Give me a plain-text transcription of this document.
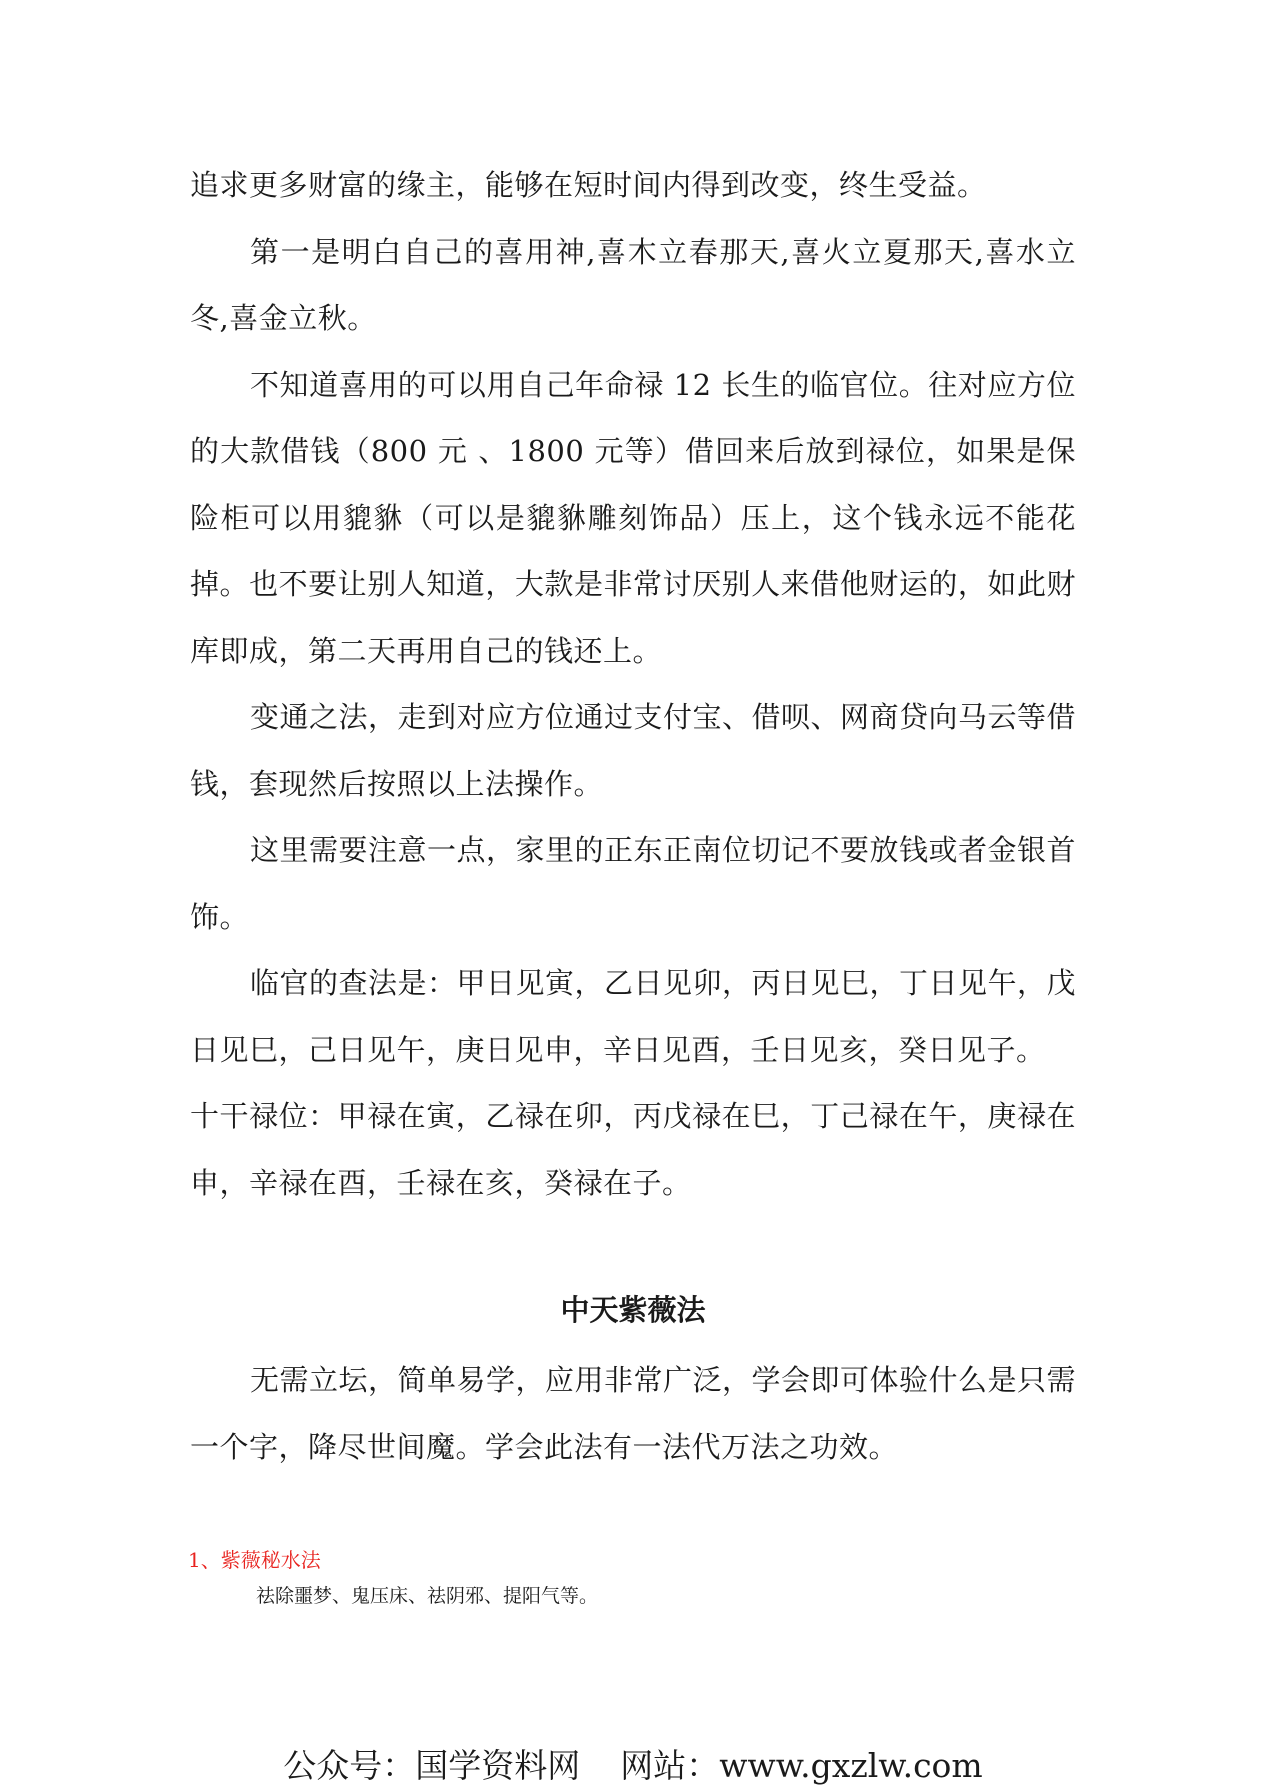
追求更多财富的缘主，能够在短时间内得到改变，终生受益。

第一是明白自己的喜用神,喜木立春那天,喜火立夏那天,喜水立冬,喜金立秋。

不知道喜用的可以用自己年命禄 12 长生的临官位。往对应方位的大款借钱（800 元 、1800 元等）借回来后放到禄位，如果是保险柜可以用貔貅（可以是貔貅雕刻饰品）压上，这个钱永远不能花掉。也不要让别人知道，大款是非常讨厌别人来借他财运的，如此财库即成，第二天再用自己的钱还上。

变通之法，走到对应方位通过支付宝、借呗、网商贷向马云等借钱，套现然后按照以上法操作。

这里需要注意一点，家里的正东正南位切记不要放钱或者金银首饰。

临官的查法是：甲日见寅，乙日见卯，丙日见巳，丁日见午，戊日见巳，己日见午，庚日见申，辛日见酉，壬日见亥，癸日见子。

十干禄位：甲禄在寅，乙禄在卯，丙戊禄在巳，丁己禄在午，庚禄在申，辛禄在酉，壬禄在亥，癸禄在子。

中天紫薇法

无需立坛，简单易学，应用非常广泛，学会即可体验什么是只需一个字，降尽世间魔。学会此法有一法代万法之功效。

1、紫薇秘水法
祛除噩梦、鬼压床、祛阴邪、提阳气等。
公众号：国学资料网 网站：www.gxzlw.com
